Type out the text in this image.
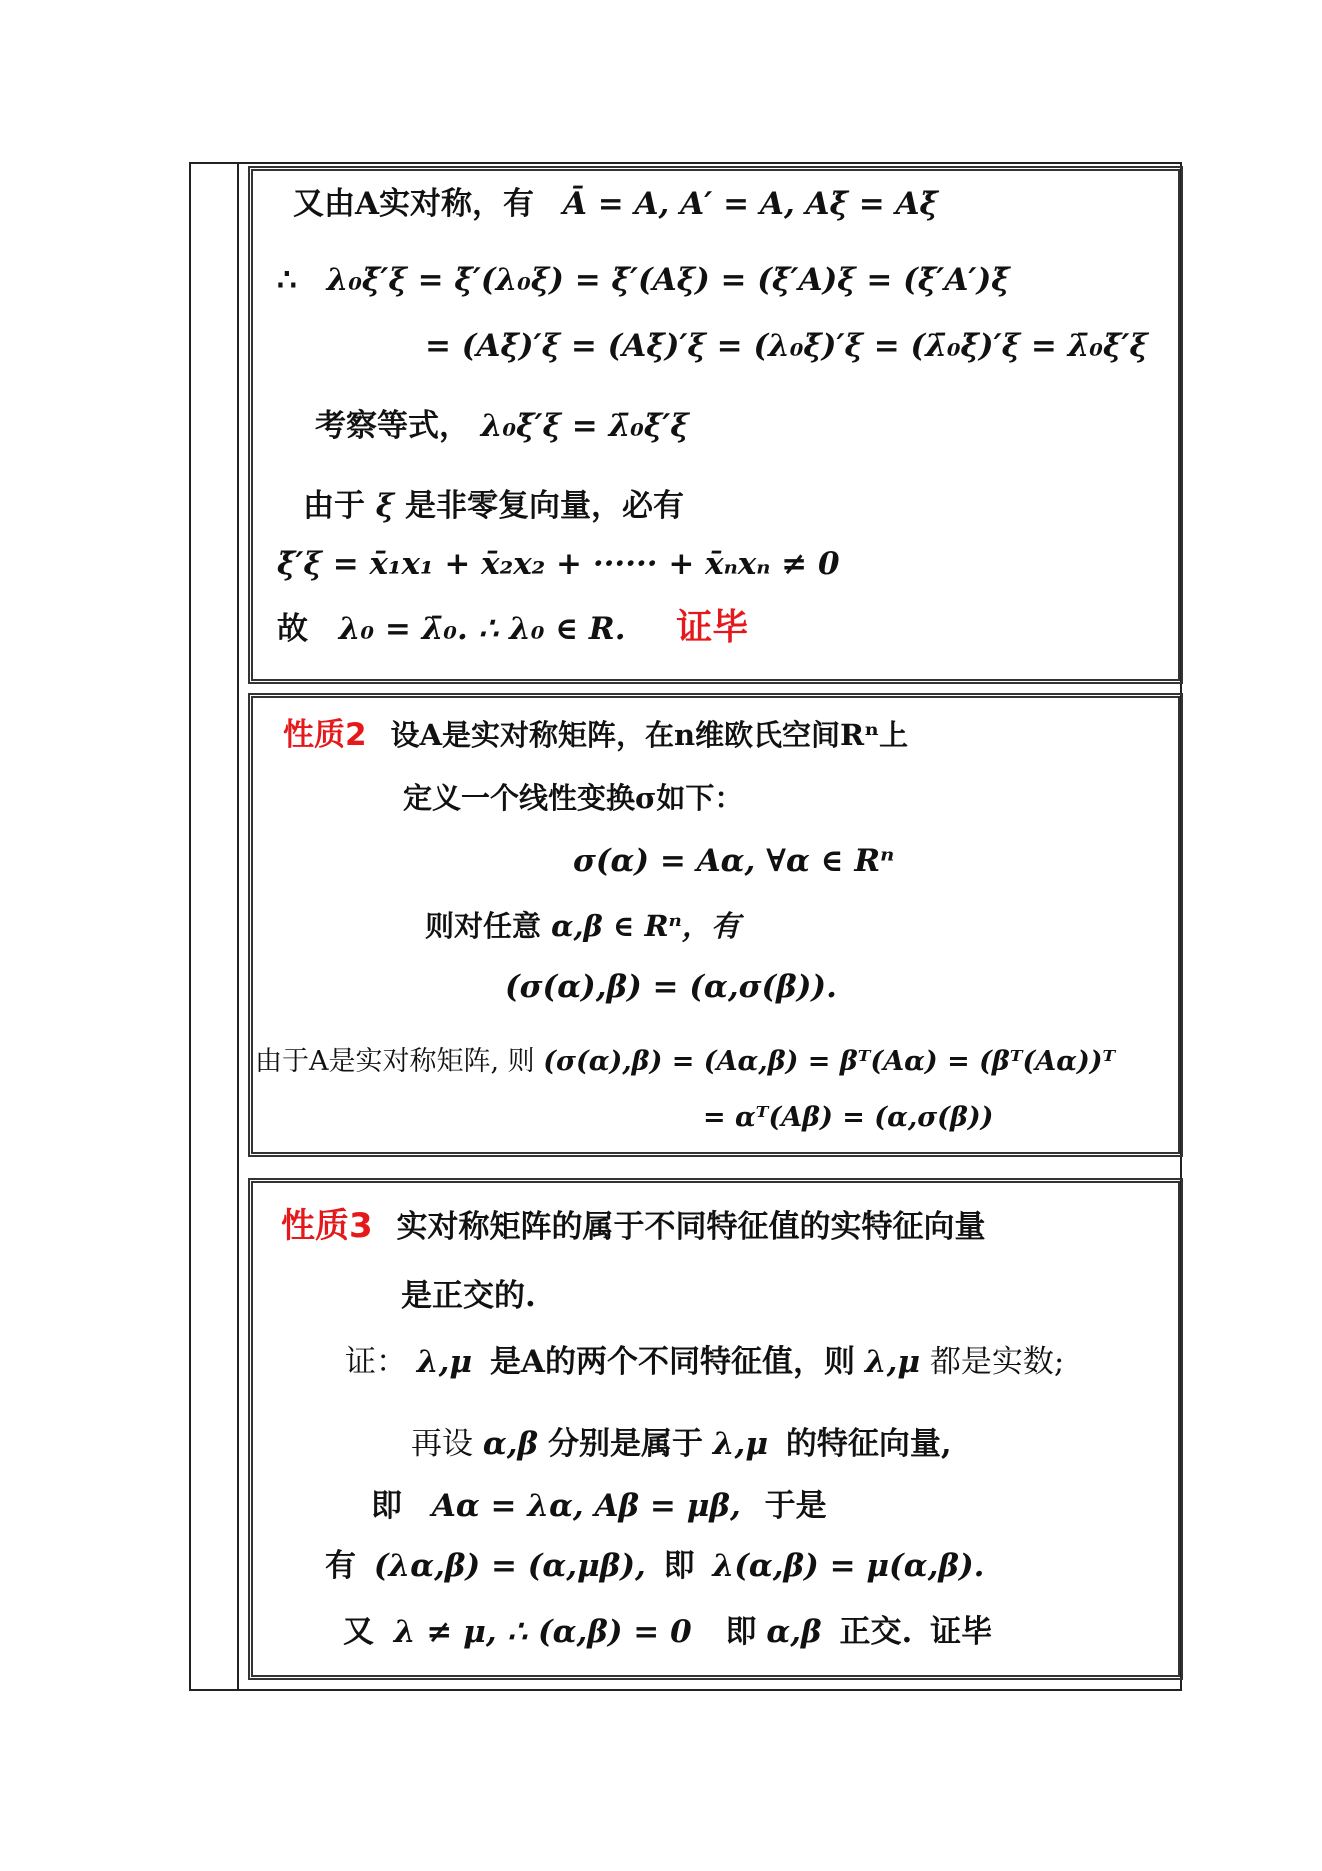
又由A实对称，有 Ā = A, A′ = A, Aξ̄ = Aξ̄
∴ λ₀ξ̄′ξ = ξ̄′(λ₀ξ) = ξ̄′(Aξ) = (ξ̄′A)ξ = (ξ̄′A′)ξ̄
= (Aξ̄)′ξ = (Aξ̄)′ξ = (λ₀ξ̄)′ξ = (λ̄₀ξ̄)′ξ = λ̄₀ξ̄′ξ
考察等式， λ₀ξ̄′ξ = λ̄₀ξ̄′ξ
由于 ξ 是非零复向量，必有
ξ̄′ξ = x̄₁x₁ + x̄₂x₂ + ······ + x̄ₙxₙ ≠ 0
故 λ₀ = λ̄₀. ∴ λ₀ ∈ R. 证毕
性质2 设A是实对称矩阵，在n维欧氏空间Rⁿ上
定义一个线性变换σ如下：
σ(α) = Aα, ∀α ∈ Rⁿ
则对任意 α,β ∈ Rⁿ，有
(σ(α),β) = (α,σ(β)).
由于A是实对称矩阵, 则 (σ(α),β) = (Aα,β) = βᵀ(Aα) = (βᵀ(Aα))ᵀ
= αᵀ(Aβ) = (α,σ(β))
性质3 实对称矩阵的属于不同特征值的实特征向量
是正交的.
证： λ,μ 是A的两个不同特征值，则 λ,μ 都是实数;
再设 α,β 分别是属于 λ,μ 的特征向量,
即 Aα = λα, Aβ = μβ, 于是
有 (λα,β) = (α,μβ), 即 λ(α,β) = μ(α,β).
又 λ ≠ μ, ∴ (α,β) = 0 即 α,β 正交. 证毕
